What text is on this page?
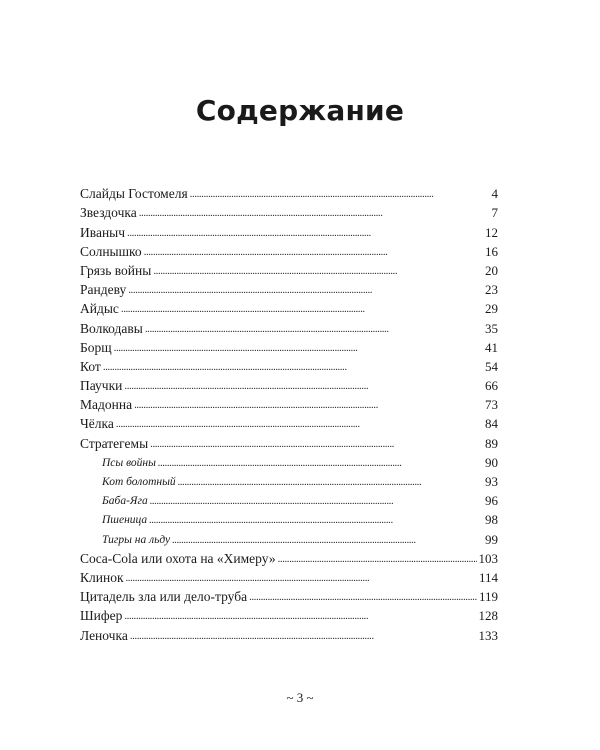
Содержание
Слайды Гостомеля . . .	4
Звездочка . . .	7
Иваныч . . .	12
Солнышко . . .	16
Грязь войны . . .	20
Рандеву . . .	23
Айдыс . . .	29
Волкодавы . . .	35
Борщ . . .	41
Кот . . .	54
Паучки . . .	66
Мадонна . . .	73
Чёлка . . .	84
Стратегемы . . .	89
Псы войны . . .	90
Кот болотный . . .	93
Баба-Яга . . .	96
Пшеница . . .	98
Тигры на льду . . .	99
Coca-Cola или охота на «Химеру» . . .	103
Клинок . . .	114
Цитадель зла или дело-труба . . .	119
Шифер . . .	128
Леночка . . .	133
~ 3 ~
